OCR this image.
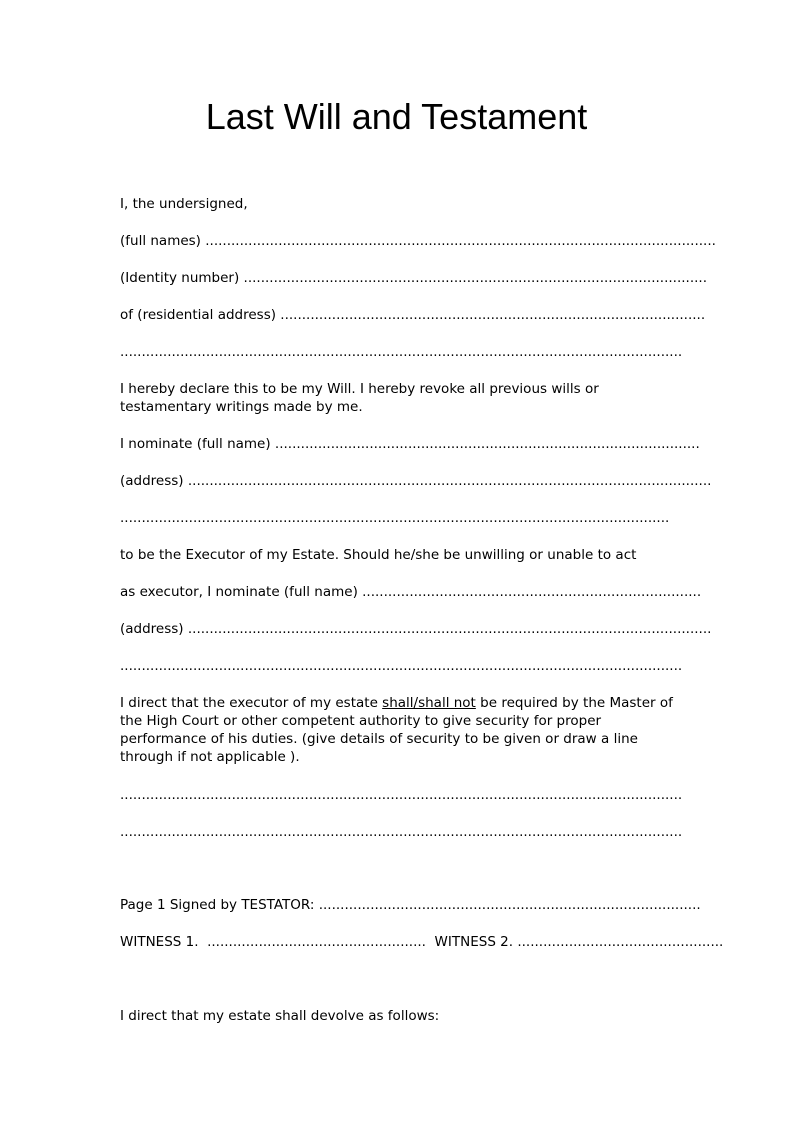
Last Will and Testament
I, the undersigned,
(full names) .......................................................................................................................
(Identity number) ............................................................................................................
of (residential address) ...................................................................................................
...................................................................................................................................
I hereby declare this to be my Will. I hereby revoke all previous wills or testamentary writings made by me.
I nominate (full name) ...................................................................................................
(address) ..........................................................................................................................
................................................................................................................................
to be the Executor of my Estate. Should he/she be unwilling or unable to act
as executor, I nominate (full name) ...............................................................................
(address) ..........................................................................................................................
...................................................................................................................................
I direct that the executor of my estate shall/shall not be required by the Master of the High Court or other competent authority to give security for proper performance of his duties. (give details of security to be given or draw a line through if not applicable ).
...................................................................................................................................
...................................................................................................................................
Page 1 Signed by TESTATOR: .........................................................................................
WITNESS 1.  ................................................... WITNESS 2. ................................................
I direct that my estate shall devolve as follows:
